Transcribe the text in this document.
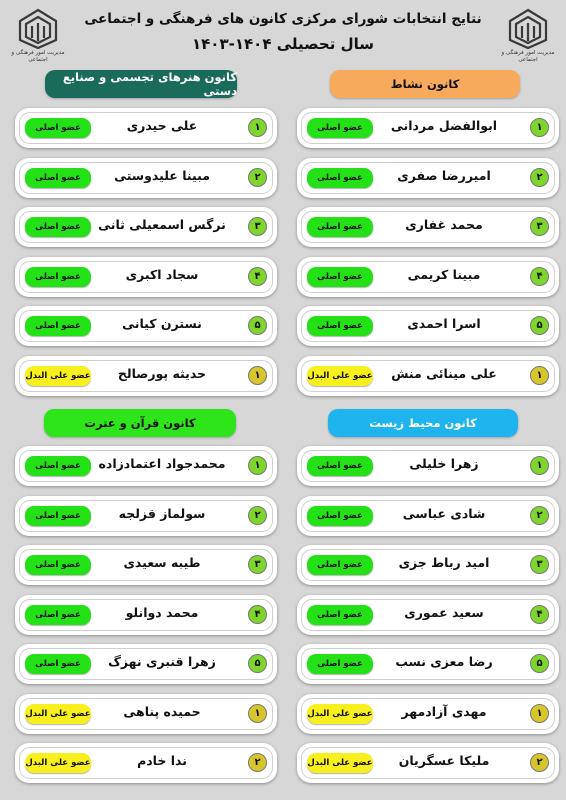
مدیریت امور فرهنگی و اجتماعی
مدیریت امور فرهنگی و اجتماعی
نتایج انتخابات شورای مرکزی کانون های فرهنگی و اجتماعی
سال تحصیلی ۱۴۰۴-۱۴۰۳
کانون نشاط
۱
ابوالفضل مردانی
عضو اصلی
۲
امیررضا صفری
عضو اصلی
۳
محمد غفاری
عضو اصلی
۴
مبینا کریمی
عضو اصلی
۵
اسرا احمدی
عضو اصلی
۱
علی مینائی منش
عضو علی البدل
کانون محیط زیست
۱
زهرا خلیلی
عضو اصلی
۲
شادی عباسی
عضو اصلی
۳
امید رباط جزی
عضو اصلی
۴
سعید عموری
عضو اصلی
۵
رضا معزی نسب
عضو اصلی
۱
مهدی آزادمهر
عضو علی البدل
۲
ملیکا عسگریان
عضو علی البدل
کانون هنرهای تجسمی و صنایع دستی
۱
علی حیدری
عضو اصلی
۲
مبینا علیدوستی
عضو اصلی
۳
نرگس اسمعیلی ثانی
عضو اصلی
۴
سجاد اکبری
عضو اصلی
۵
نسترن کیانی
عضو اصلی
۱
حدیثه پورصالح
عضو علی البدل
کانون قرآن و عترت
۱
محمدجواد اعتمادزاده
عضو اصلی
۲
سولماز قزلجه
عضو اصلی
۳
طیبه سعیدی
عضو اصلی
۴
محمد دوانلو
عضو اصلی
۵
زهرا قنبری نهزگ
عضو اصلی
۱
حمیده پناهی
عضو علی البدل
۲
ندا خادم
عضو علی البدل
